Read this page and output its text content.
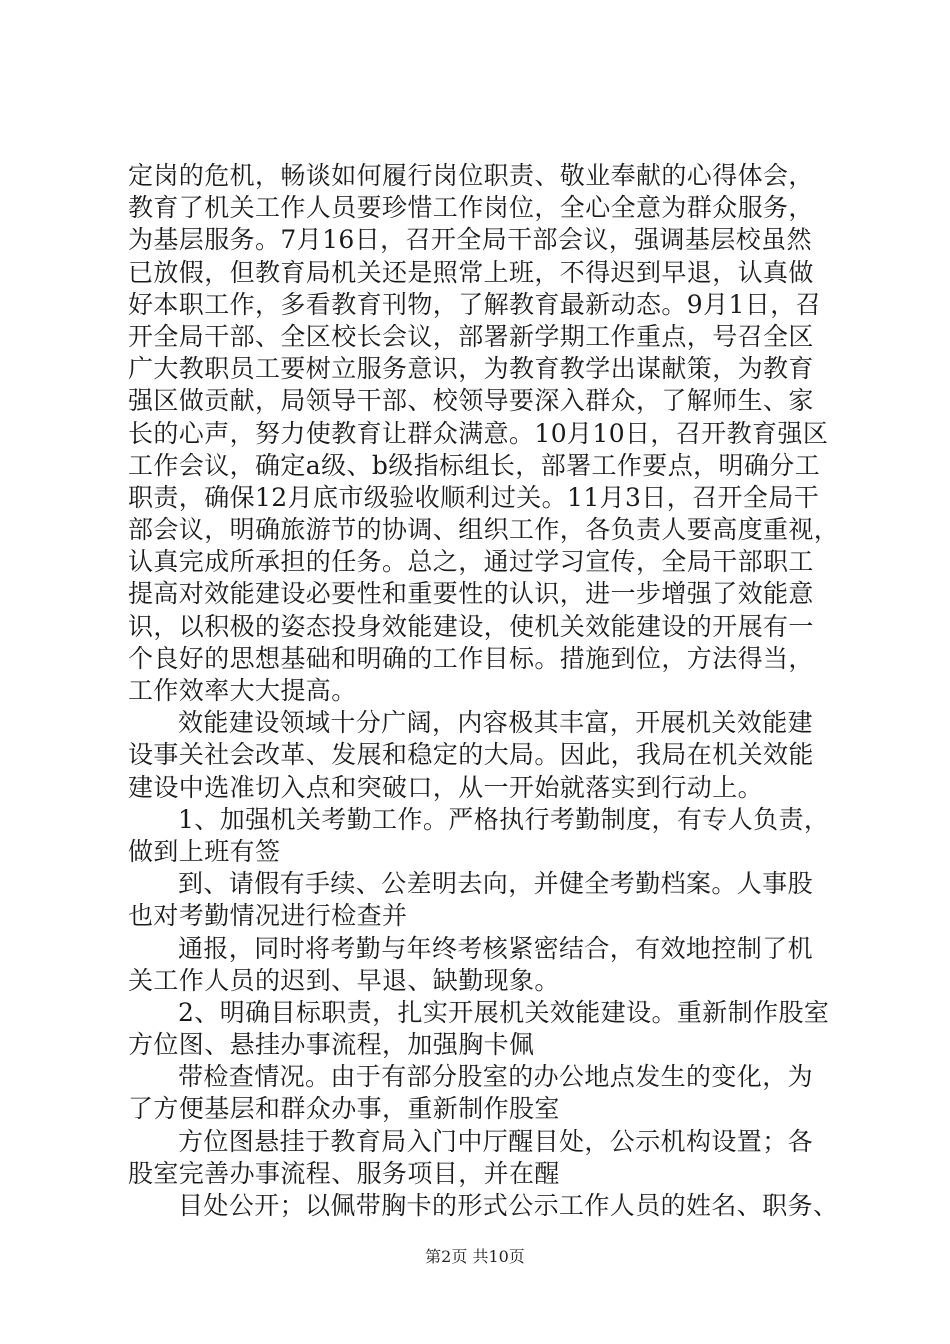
定岗的危机，畅谈如何履行岗位职责、敬业奉献的心得体会，
教育了机关工作人员要珍惜工作岗位，全心全意为群众服务，
为基层服务。7月16日，召开全局干部会议，强调基层校虽然
已放假，但教育局机关还是照常上班，不得迟到早退，认真做
好本职工作，多看教育刊物，了解教育最新动态。9月1日，召
开全局干部、全区校长会议，部署新学期工作重点，号召全区
广大教职员工要树立服务意识，为教育教学出谋献策，为教育
强区做贡献，局领导干部、校领导要深入群众，了解师生、家
长的心声，努力使教育让群众满意。10月10日，召开教育强区
工作会议，确定a级、b级指标组长，部署工作要点，明确分工
职责，确保12月底市级验收顺利过关。11月3日，召开全局干
部会议，明确旅游节的协调、组织工作，各负责人要高度重视，
认真完成所承担的任务。总之，通过学习宣传，全局干部职工
提高对效能建设必要性和重要性的认识，进一步增强了效能意
识，以积极的姿态投身效能建设，使机关效能建设的开展有一
个良好的思想基础和明确的工作目标。措施到位，方法得当，
工作效率大大提高。
效能建设领域十分广阔，内容极其丰富，开展机关效能建
设事关社会改革、发展和稳定的大局。因此，我局在机关效能
建设中选准切入点和突破口，从一开始就落实到行动上。
1、加强机关考勤工作。严格执行考勤制度，有专人负责，
做到上班有签
到、请假有手续、公差明去向，并健全考勤档案。人事股
也对考勤情况进行检查并
通报，同时将考勤与年终考核紧密结合，有效地控制了机
关工作人员的迟到、早退、缺勤现象。
2、明确目标职责，扎实开展机关效能建设。重新制作股室
方位图、悬挂办事流程，加强胸卡佩
带检查情况。由于有部分股室的办公地点发生的变化，为
了方便基层和群众办事，重新制作股室
方位图悬挂于教育局入门中厅醒目处，公示机构设置；各
股室完善办事流程、服务项目，并在醒
目处公开；以佩带胸卡的形式公示工作人员的姓名、职务、
第2页 共10页
